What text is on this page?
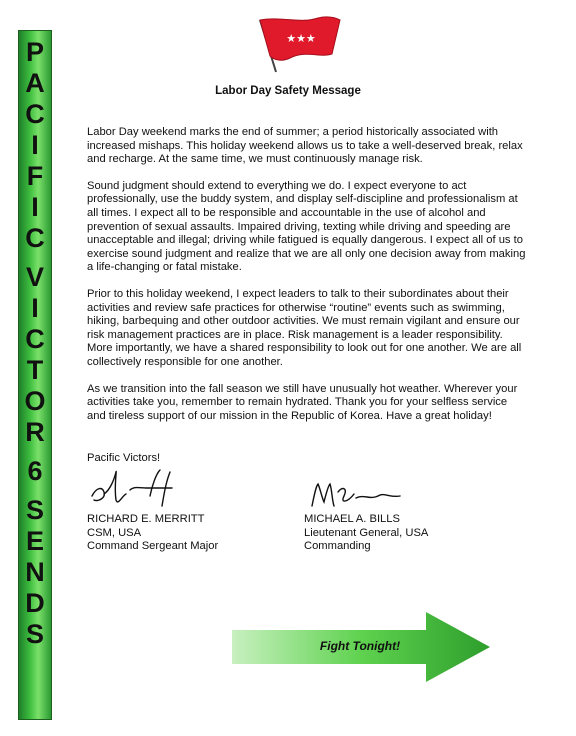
P
A
C
I
F
I
C
V
I
C
T
O
R
6
S
E
N
D
S
★★★
Labor Day Safety Message

Labor Day weekend marks the end of summer; a period historically associated with increased mishaps. This holiday weekend allows us to take a well-deserved break, relax and recharge. At the same time, we must continuously manage risk.

Sound judgment should extend to everything we do. I expect everyone to act professionally, use the buddy system, and display self-discipline and professionalism at all times. I expect all to be responsible and accountable in the use of alcohol and prevention of sexual assaults. Impaired driving, texting while driving and speeding are unacceptable and illegal; driving while fatigued is equally dangerous. I expect all of us to exercise sound judgment and realize that we are all only one decision away from making a life-changing or fatal mistake.

Prior to this holiday weekend, I expect leaders to talk to their subordinates about their activities and review safe practices for otherwise “routine” events such as swimming, hiking, barbequing and other outdoor activities. We must remain vigilant and ensure our risk management practices are in place. Risk management is a leader responsibility. More importantly, we have a shared responsibility to look out for one another. We are all collectively responsible for one another.

As we transition into the fall season we still have unusually hot weather. Wherever your activities take you, remember to remain hydrated. Thank you for your selfless service and tireless support of our mission in the Republic of Korea. Have a great holiday!

Pacific Victors!
RICHARD E. MERRITT
CSM, USA
Command Sergeant Major
MICHAEL A. BILLS
Lieutenant General, USA
Commanding
Fight Tonight!
